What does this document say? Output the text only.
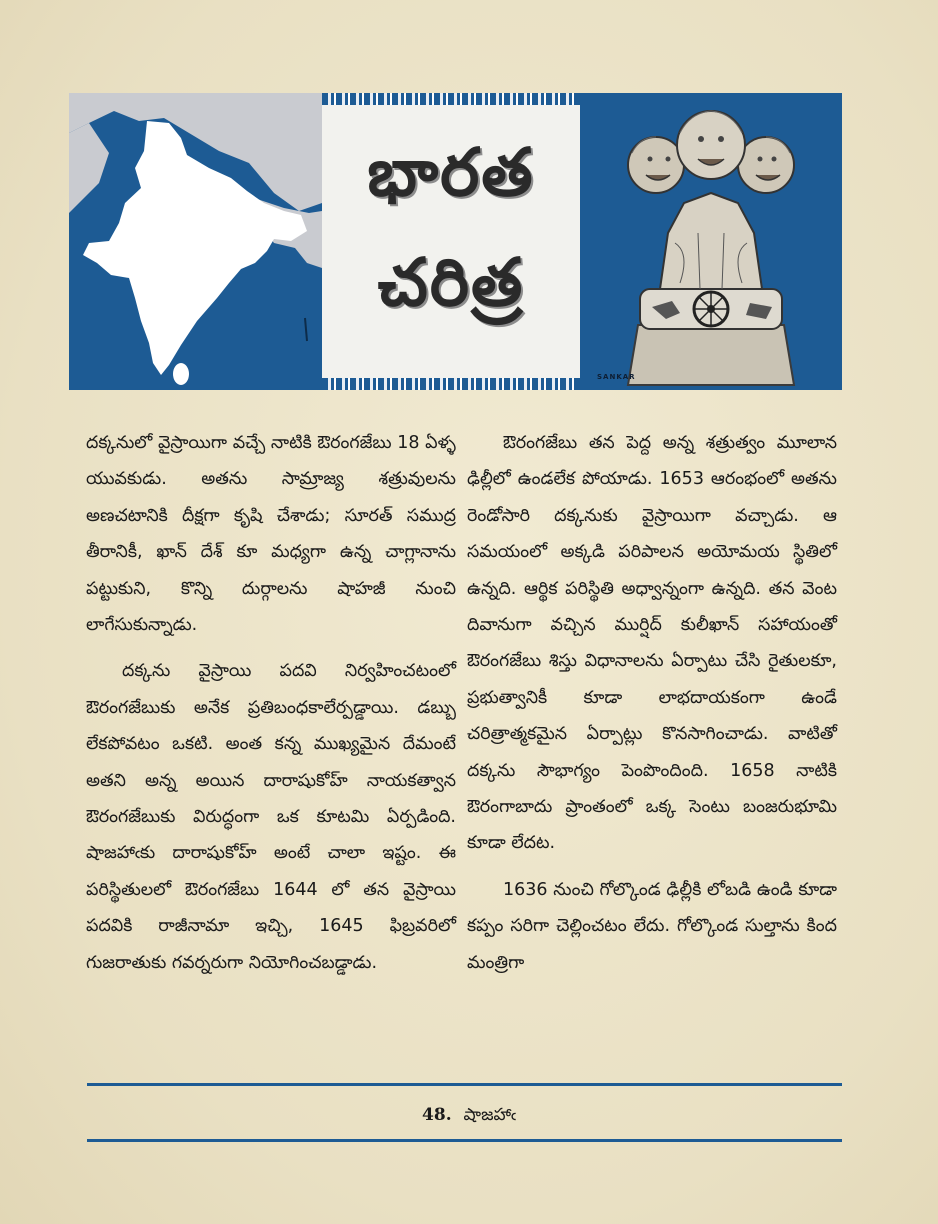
భారత
చరిత్ర
SANKAR

దక్కనులో వైస్రాయిగా వచ్చే నాటికి ఔరంగజేబు 18 ఏళ్ళ యువకుడు. అతను సామ్రాజ్య శత్రువులను అణచటానికి దీక్షగా కృషి చేశాడు; సూరత్ సముద్ర తీరానికీ, ఖాన్ దేశ్ కూ మధ్యగా ఉన్న చాగ్లానాను పట్టుకుని, కొన్ని దుర్గాలను షాహజీ నుంచి లాగేసుకున్నాడు.

దక్కను వైస్రాయి పదవి నిర్వహించటంలో ఔరంగజేబుకు అనేక ప్రతిబంధకాలేర్పడ్డాయి. డబ్బు లేకపోవటం ఒకటి. అంత కన్న ముఖ్యమైన దేమంటే అతని అన్న అయిన దారాషుకోహ్ నాయకత్వాన ఔరంగజేబుకు విరుద్ధంగా ఒక కూటమి ఏర్పడింది. షాజహాఁకు దారాషుకోహ్ అంటే చాలా ఇష్టం. ఈ పరిస్థితులలో ఔరంగజేబు 1644 లో తన వైస్రాయి పదవికి రాజీనామా ఇచ్చి, 1645 ఫిబ్రవరిలో గుజరాతుకు గవర్నరుగా నియోగించబడ్డాడు.

ఔరంగజేబు తన పెద్ద అన్న శత్రుత్వం మూలాన ఢిల్లీలో ఉండలేక పోయాడు. 1653 ఆరంభంలో అతను రెండోసారి దక్కనుకు వైస్రాయిగా వచ్చాడు. ఆ సమయంలో అక్కడి పరిపాలన అయోమయ స్థితిలో ఉన్నది. ఆర్థిక పరిస్థితి అధ్వాన్నంగా ఉన్నది. తన వెంట దివానుగా వచ్చిన ముర్షిద్ కులీఖాన్ సహాయంతో ఔరంగజేబు శిస్తు విధానాలను ఏర్పాటు చేసి రైతులకూ, ప్రభుత్వానికీ కూడా లాభదాయకంగా ఉండే చరిత్రాత్మకమైన ఏర్పాట్లు కొనసాగించాడు. వాటితో దక్కను సౌభాగ్యం పెంపొందింది. 1658 నాటికి ఔరంగాబాదు ప్రాంతంలో ఒక్క సెంటు బంజరుభూమి కూడా లేదట.

1636 నుంచి గోల్కొండ ఢిల్లీకి లోబడి ఉండి కూడా కప్పం సరిగా చెల్లించటం లేదు. గోల్కొండ సుల్తాను కింద మంత్రిగా

48. షాజహాఁ
